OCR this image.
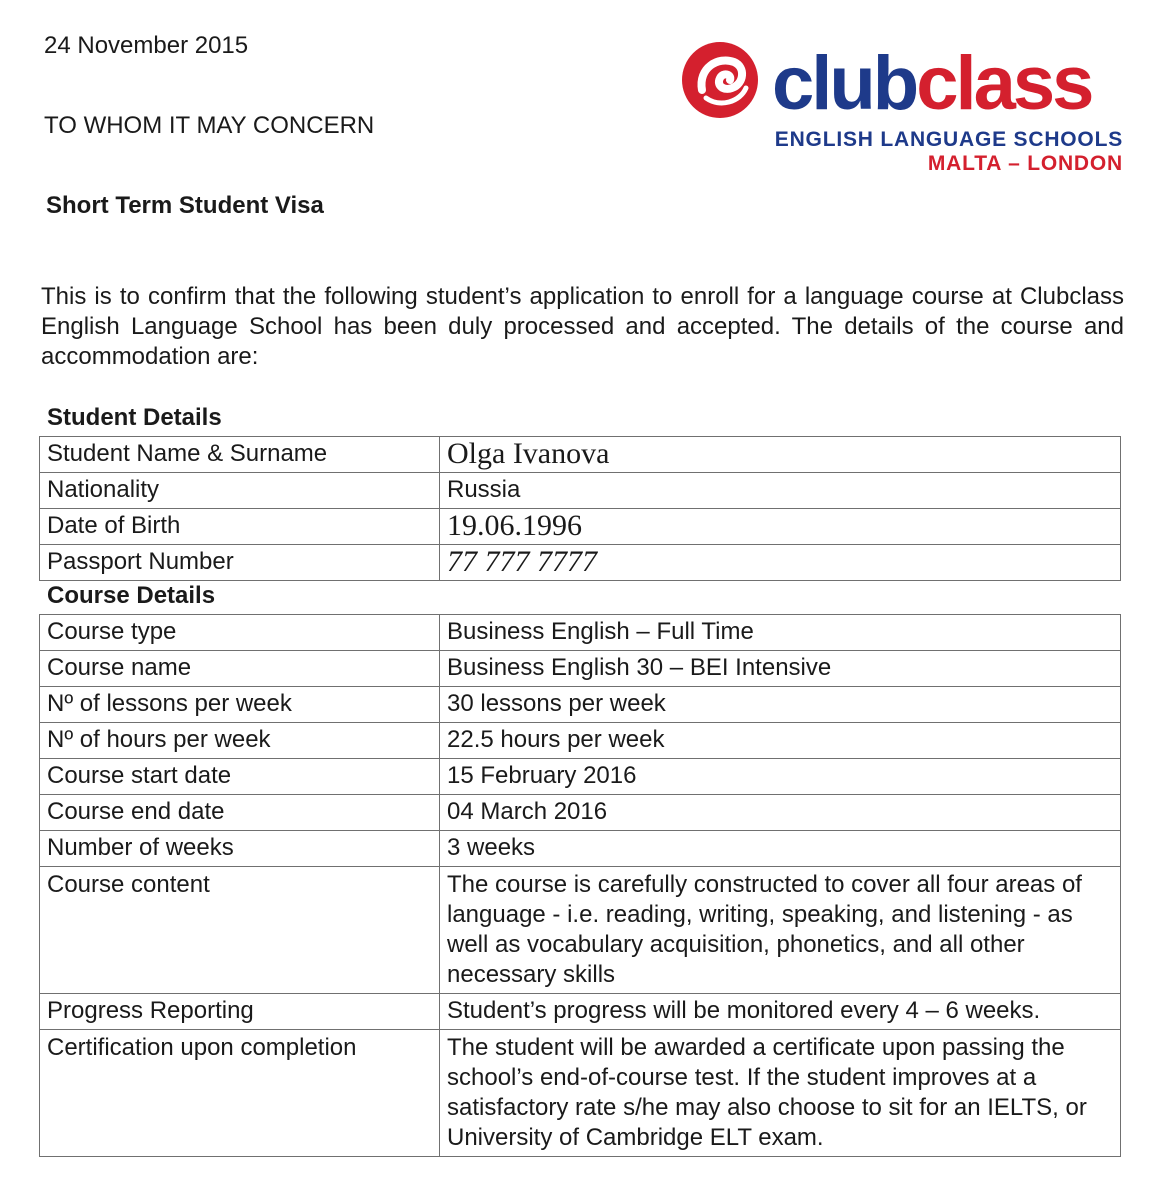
24 November 2015
TO WHOM IT MAY CONCERN
Short Term Student Visa
clubclass
ENGLISH LANGUAGE SCHOOLS
MALTA – LONDON
This is to confirm that the following student’s application to enroll for a language course at Clubclass English Language School has been duly processed and accepted. The details of the course and accommodation are:
Student Details
Student Name & Surname	Olga Ivanova
Nationality	Russia
Date of Birth	19.06.1996
Passport Number	77 777 7777
Course Details
Course type	Business English – Full Time
Course name	Business English 30 – BEI Intensive
Nº of lessons per week	30 lessons per week
Nº of hours per week	22.5 hours per week
Course start date	15 February 2016
Course end date	04 March 2016
Number of weeks	3 weeks
Course content	The course is carefully constructed to cover all four areas of language - i.e. reading, writing, speaking, and listening - as well as vocabulary acquisition, phonetics, and all other necessary skills
Progress Reporting	Student’s progress will be monitored every 4 – 6 weeks.
Certification upon completion	The student will be awarded a certificate upon passing the school’s end-of-course test. If the student improves at a satisfactory rate s/he may also choose to sit for an IELTS, or University of Cambridge ELT exam.
